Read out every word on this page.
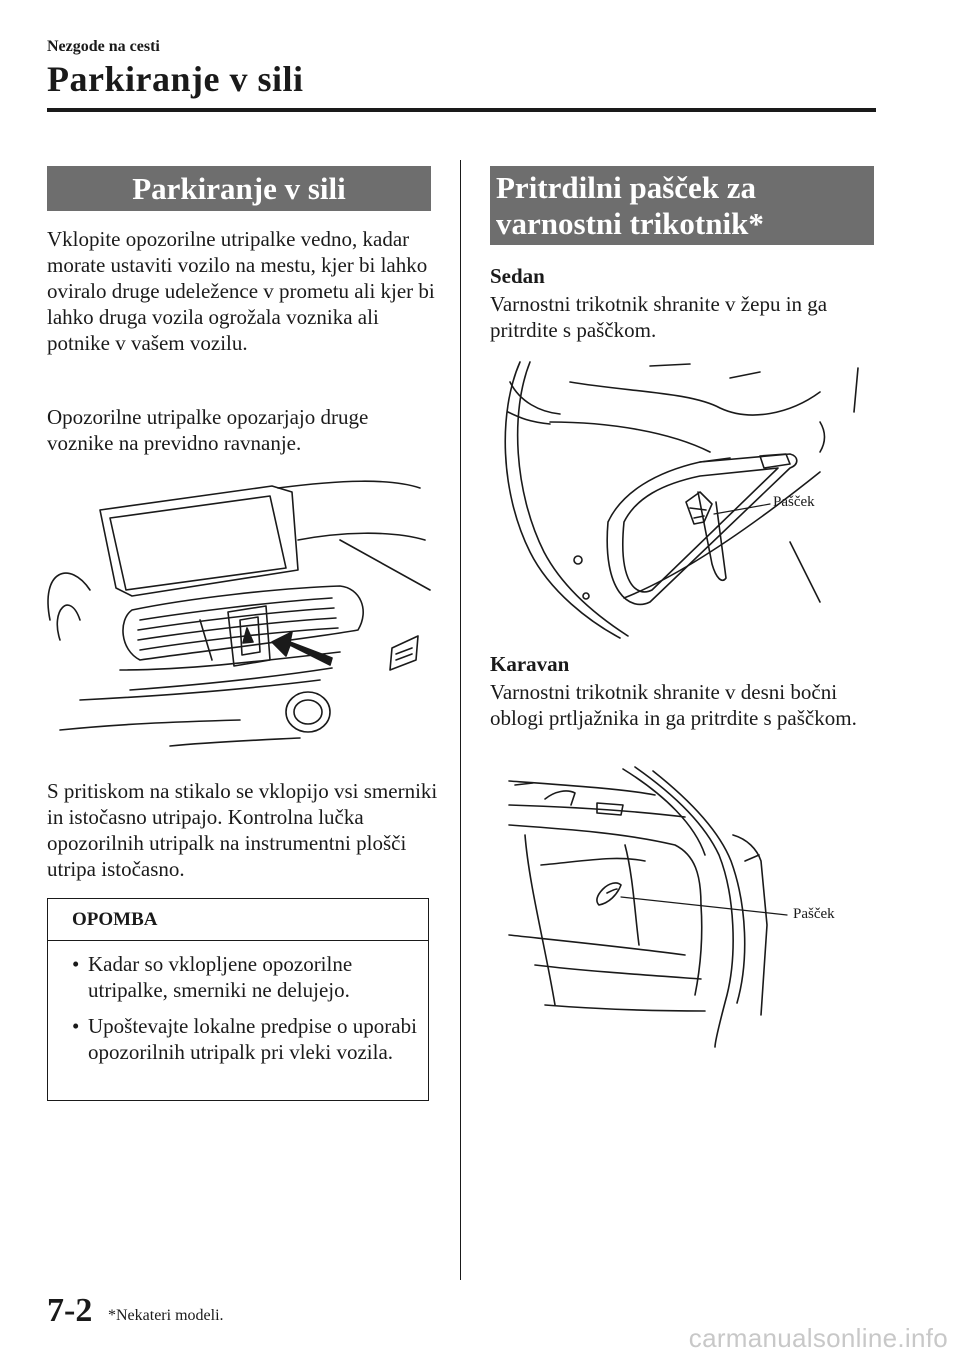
Nezgode na cesti
Parkiranje v sili
Parkiranje v sili
Vklopite opozorilne utripalke vedno, kadar morate ustaviti vozilo na mestu, kjer bi lahko oviralo druge udeležence v prometu ali kjer bi lahko druga vozila ogrožala voznika ali potnike v vašem vozilu.
Opozorilne utripalke opozarjajo druge voznike na previdno ravnanje.
S pritiskom na stikalo se vklopijo vsi smerniki in istočasno utripajo. Kontrolna lučka opozorilnih utripalk na instrumentni plošči utripa istočasno.
OPOMBA
• Kadar so vklopljene opozorilne utripalke, smerniki ne delujejo.
• Upoštevajte lokalne predpise o uporabi opozorilnih utripalk pri vleki vozila.
Pritrdilni pašček za
varnostni trikotnik*
Sedan
Varnostni trikotnik shranite v žepu in ga pritrdite s paščkom.
Pašček
Karavan
Varnostni trikotnik shranite v desni bočni oblogi prtljažnika in ga pritrdite s paščkom.
Pašček
7-2 *Nekateri modeli.
carmanualsonline.info
